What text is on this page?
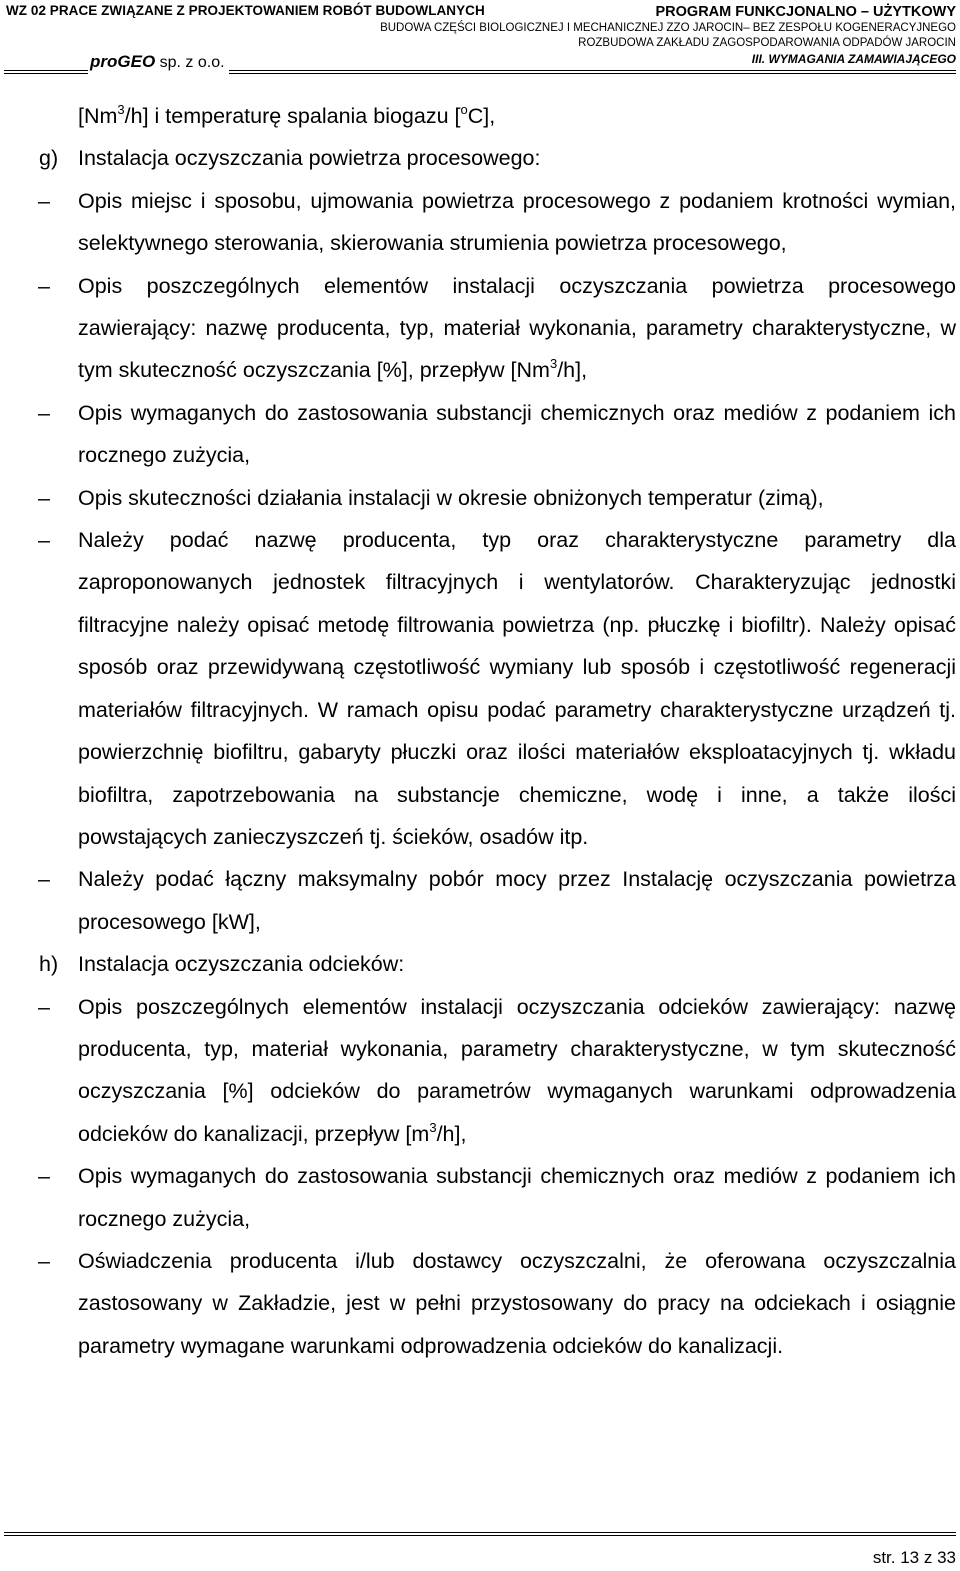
WZ 02 PRACE ZWIĄZANE Z PROJEKTOWANIEM ROBÓT BUDOWLANYCH	PROGRAM FUNKCJONALNO – UŻYTKOWY
BUDOWA CZĘŚCI BIOLOGICZNEJ I MECHANICZNEJ ZZO JAROCIN– BEZ ZESPOŁU KOGENERACYJNEGO
ROZBUDOWA ZAKŁADU ZAGOSPODAROWANIA ODPADÓW JAROCIN
III. WYMAGANIA ZAMAWIAJĄCEGO
proGEO sp. z o.o.
[Nm$^3$/h] i temperaturę spalania biogazu [$^o$C],
g) Instalacja oczyszczania powietrza procesowego:
– Opis miejsc i sposobu, ujmowania powietrza procesowego z podaniem krotności wymian, selektywnego sterowania, skierowania strumienia powietrza procesowego,
– Opis poszczególnych elementów instalacji oczyszczania powietrza procesowego zawierający: nazwę producenta, typ, materiał wykonania, parametry charakterystyczne, w tym skuteczność oczyszczania [%], przepływ [Nm$^3$/h],
– Opis wymaganych do zastosowania substancji chemicznych oraz mediów z podaniem ich rocznego zużycia,
– Opis skuteczności działania instalacji w okresie obniżonych temperatur (zimą),
– Należy podać nazwę producenta, typ oraz charakterystyczne parametry dla zaproponowanych jednostek filtracyjnych i wentylatorów. Charakteryzując jednostki filtracyjne należy opisać metodę filtrowania powietrza (np. płuczkę i biofiltr). Należy opisać sposób oraz przewidywaną częstotliwość wymiany lub sposób i częstotliwość regeneracji materiałów filtracyjnych. W ramach opisu podać parametry charakterystyczne urządzeń tj. powierzchnię biofiltru, gabaryty płuczki oraz ilości materiałów eksploatacyjnych tj. wkładu biofiltra, zapotrzebowania na substancje chemiczne, wodę i inne, a także ilości powstających zanieczyszczeń tj. ścieków, osadów itp.
– Należy podać łączny maksymalny pobór mocy przez Instalację oczyszczania powietrza procesowego [kW],
h) Instalacja oczyszczania odcieków:
– Opis poszczególnych elementów instalacji oczyszczania odcieków zawierający: nazwę producenta, typ, materiał wykonania, parametry charakterystyczne, w tym skuteczność oczyszczania [%] odcieków do parametrów wymaganych warunkami odprowadzenia odcieków do kanalizacji, przepływ $[m^3/h]$,
– Opis wymaganych do zastosowania substancji chemicznych oraz mediów z podaniem ich rocznego zużycia,
– Oświadczenia producenta i/lub dostawcy oczyszczalni, że oferowana oczyszczalnia zastosowany w Zakładzie, jest w pełni przystosowany do pracy na odciekach i osiągnie parametry wymagane warunkami odprowadzenia odcieków do kanalizacji.
str. 13 z 33
